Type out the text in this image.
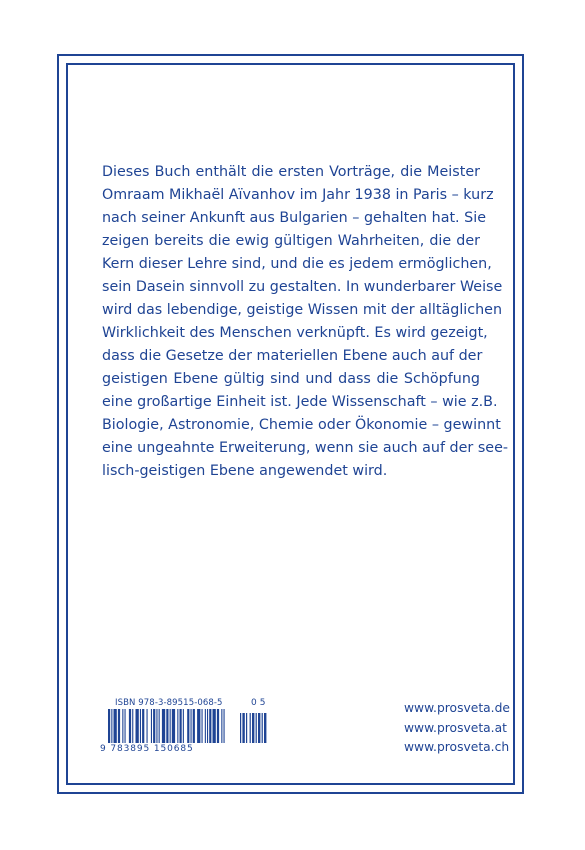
Dieses Buch enthält die ersten Vorträge, die Meister
Omraam Mikhaël Aïvanhov im Jahr 1938 in Paris – kurz
nach seiner Ankunft aus Bulgarien – gehalten hat. Sie
zeigen bereits die ewig gültigen Wahrheiten, die der
Kern dieser Lehre sind, und die es jedem ermöglichen,
sein Dasein sinnvoll zu gestalten. In wunderbarer Weise
wird das lebendige, geistige Wissen mit der alltäglichen
Wirklichkeit des Menschen verknüpft. Es wird gezeigt,
dass die Gesetze der materiellen Ebene auch auf der
geistigen Ebene gültig sind und dass die Schöpfung
eine großartige Einheit ist. Jede Wissenschaft – wie z.B.
Biologie, Astronomie, Chemie oder Ökonomie – gewinnt
eine ungeahnte Erweiterung, wenn sie auch auf der see-
lisch-geistigen Ebene angewendet wird.
ISBN 978-3-89515-068-5	05
9 783895 150685
www.prosveta.de
www.prosveta.at
www.prosveta.ch
